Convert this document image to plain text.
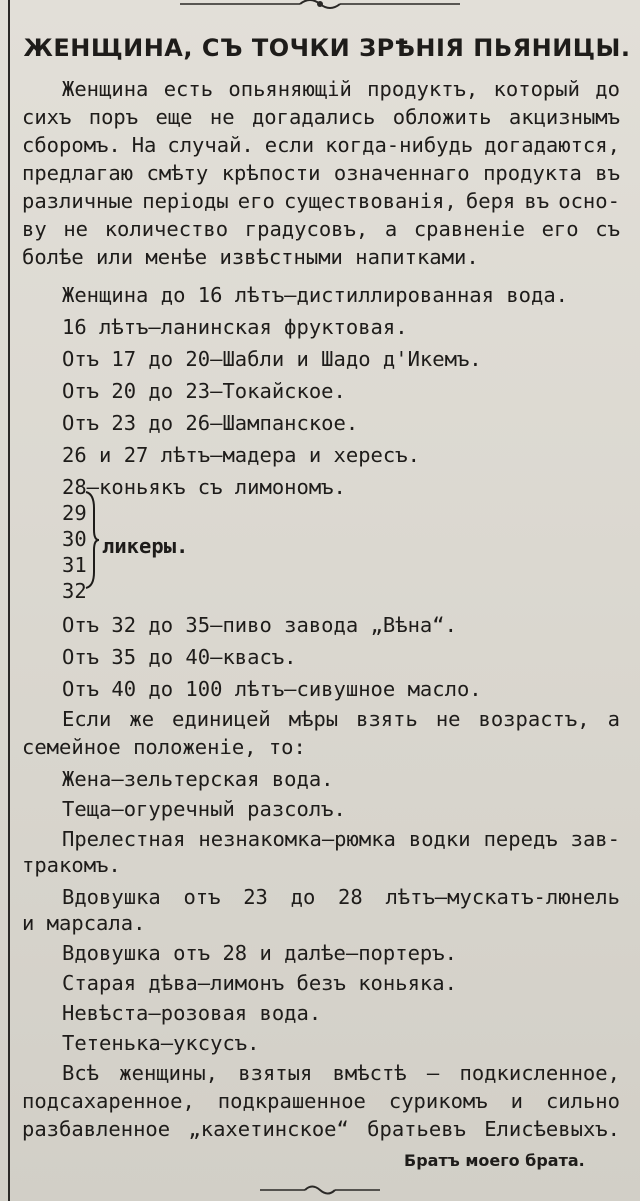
ЖЕНЩИНА, СЪ ТОЧКИ ЗРѢНІЯ ПЬЯНИЦЫ.
Женщина есть опьяняющій продуктъ, который до
сихъ поръ еще не догадались обложить акцизнымъ
сборомъ. На случай. если когда-нибудь догадаются,
предлагаю смѣту крѣпости означеннаго продукта въ
различные періоды его существованія, беря въ осно-
ву не количество градусовъ, а сравненіе его съ
болѣе или менѣе извѣстными напитками.
Женщина до 16 лѣтъ—дистиллированная вода.
16 лѣтъ—ланинская фруктовая.
Отъ 17 до 20—Шабли и Шадо д'Икемъ.
Отъ 20 до 23—Токайское.
Отъ 23 до 26—Шампанское.
26 и 27 лѣтъ—мадера и хересъ.
28—коньякъ съ лимономъ.
29
30
31
32
Отъ 32 до 35—пиво завода „Вѣна“.
Отъ 35 до 40—квасъ.
Отъ 40 до 100 лѣтъ—сивушное масло.
Если же единицей мѣры взять не возрастъ, а
семейное положеніе, то:
Жена—зельтерская вода.
Теща—огуречный разсолъ.
Прелестная незнакомка—рюмка водки передъ зав-
тракомъ.
Вдовушка отъ 23 до 28 лѣтъ—мускатъ-люнель
и марсала.
Вдовушка отъ 28 и далѣе—портеръ.
Старая дѣва—лимонъ безъ коньяка.
Невѣста—розовая вода.
Тетенька—уксусъ.
Всѣ женщины, взятыя вмѣстѣ — подкисленное,
подсахаренное, подкрашенное сурикомъ и сильно
разбавленное „кахетинское“ братьевъ Елисѣевыхъ.
ликеры.
Братъ моего брата.
